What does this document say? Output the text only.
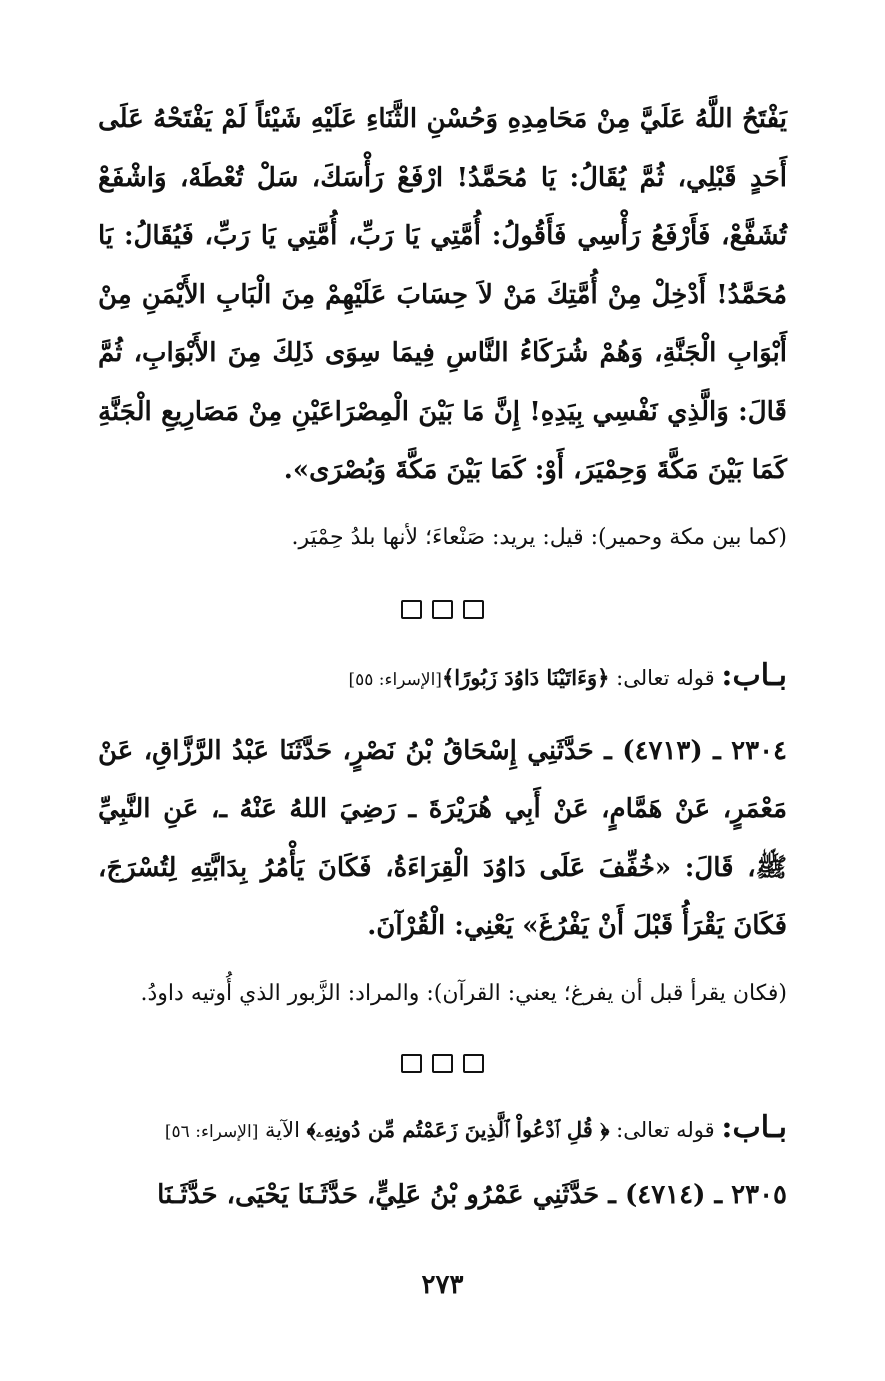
يَفْتَحُ اللَّهُ عَلَيَّ مِنْ مَحَامِدِهِ وَحُسْنِ الثَّنَاءِ عَلَيْهِ شَيْئاً لَمْ يَفْتَحْهُ عَلَى أَحَدٍ قَبْلِي، ثُمَّ يُقَالُ: يَا مُحَمَّدُ! ارْفَعْ رَأْسَكَ، سَلْ تُعْطَهْ، وَاشْفَعْ تُشَفَّعْ، فَأَرْفَعُ رَأْسِي فَأَقُولُ: أُمَّتِي يَا رَبِّ، أُمَّتِي يَا رَبِّ، فَيُقَالُ: يَا مُحَمَّدُ! أَدْخِلْ مِنْ أُمَّتِكَ مَنْ لاَ حِسَابَ عَلَيْهِمْ مِنَ الْبَابِ الأَيْمَنِ مِنْ أَبْوَابِ الْجَنَّةِ، وَهُمْ شُرَكَاءُ النَّاسِ فِيمَا سِوَى ذَلِكَ مِنَ الأَبْوَابِ، ثُمَّ قَالَ: وَالَّذِي نَفْسِي بِيَدِهِ! إِنَّ مَا بَيْنَ الْمِصْرَاعَيْنِ مِنْ مَصَارِيعِ الْجَنَّةِ كَمَا بَيْنَ مَكَّةَ وَحِمْيَرَ، أَوْ: كَمَا بَيْنَ مَكَّةَ وَبُصْرَى».

(كما بين مكة وحمير): قيل: يريد: صَنْعاءَ؛ لأنها بلدُ حِمْيَر.

بـاب: قوله تعالى: ﴿وَءَاتَيْنَا دَاوُدَ زَبُورًا﴾[الإسراء: ٥٥]

٢٣٠٤ ـ (٤٧١٣) ـ حَدَّثَنِي إِسْحَاقُ بْنُ نَصْرٍ، حَدَّثَنَا عَبْدُ الرَّزَّاقِ، عَنْ مَعْمَرٍ، عَنْ هَمَّامٍ، عَنْ أَبِي هُرَيْرَةَ ـ رَضِيَ اللهُ عَنْهُ ـ، عَنِ النَّبِيِّ ﷺ، قَالَ: «خُفِّفَ عَلَى دَاوُدَ الْقِرَاءَةُ، فَكَانَ يَأْمُرُ بِدَابَّتِهِ لِتُسْرَجَ، فَكَانَ يَقْرَأُ قَبْلَ أَنْ يَفْرُغَ» يَعْنِي: الْقُرْآنَ.

(فكان يقرأ قبل أن يفرغ؛ يعني: القرآن): والمراد: الزَّبور الذي أُوتيه داودُ.

بـاب: قوله تعالى: ﴿ قُلِ ٱدْعُواْ ٱلَّذِينَ زَعَمْتُم مِّن دُونِهِۦ﴾ الآية [الإسراء: ٥٦]

٢٣٠٥ ـ (٤٧١٤) ـ حَدَّثَنِي عَمْرُو بْنُ عَلِيٍّ، حَدَّثَـنَا يَحْيَى، حَدَّثَـنَا

٢٧٣
